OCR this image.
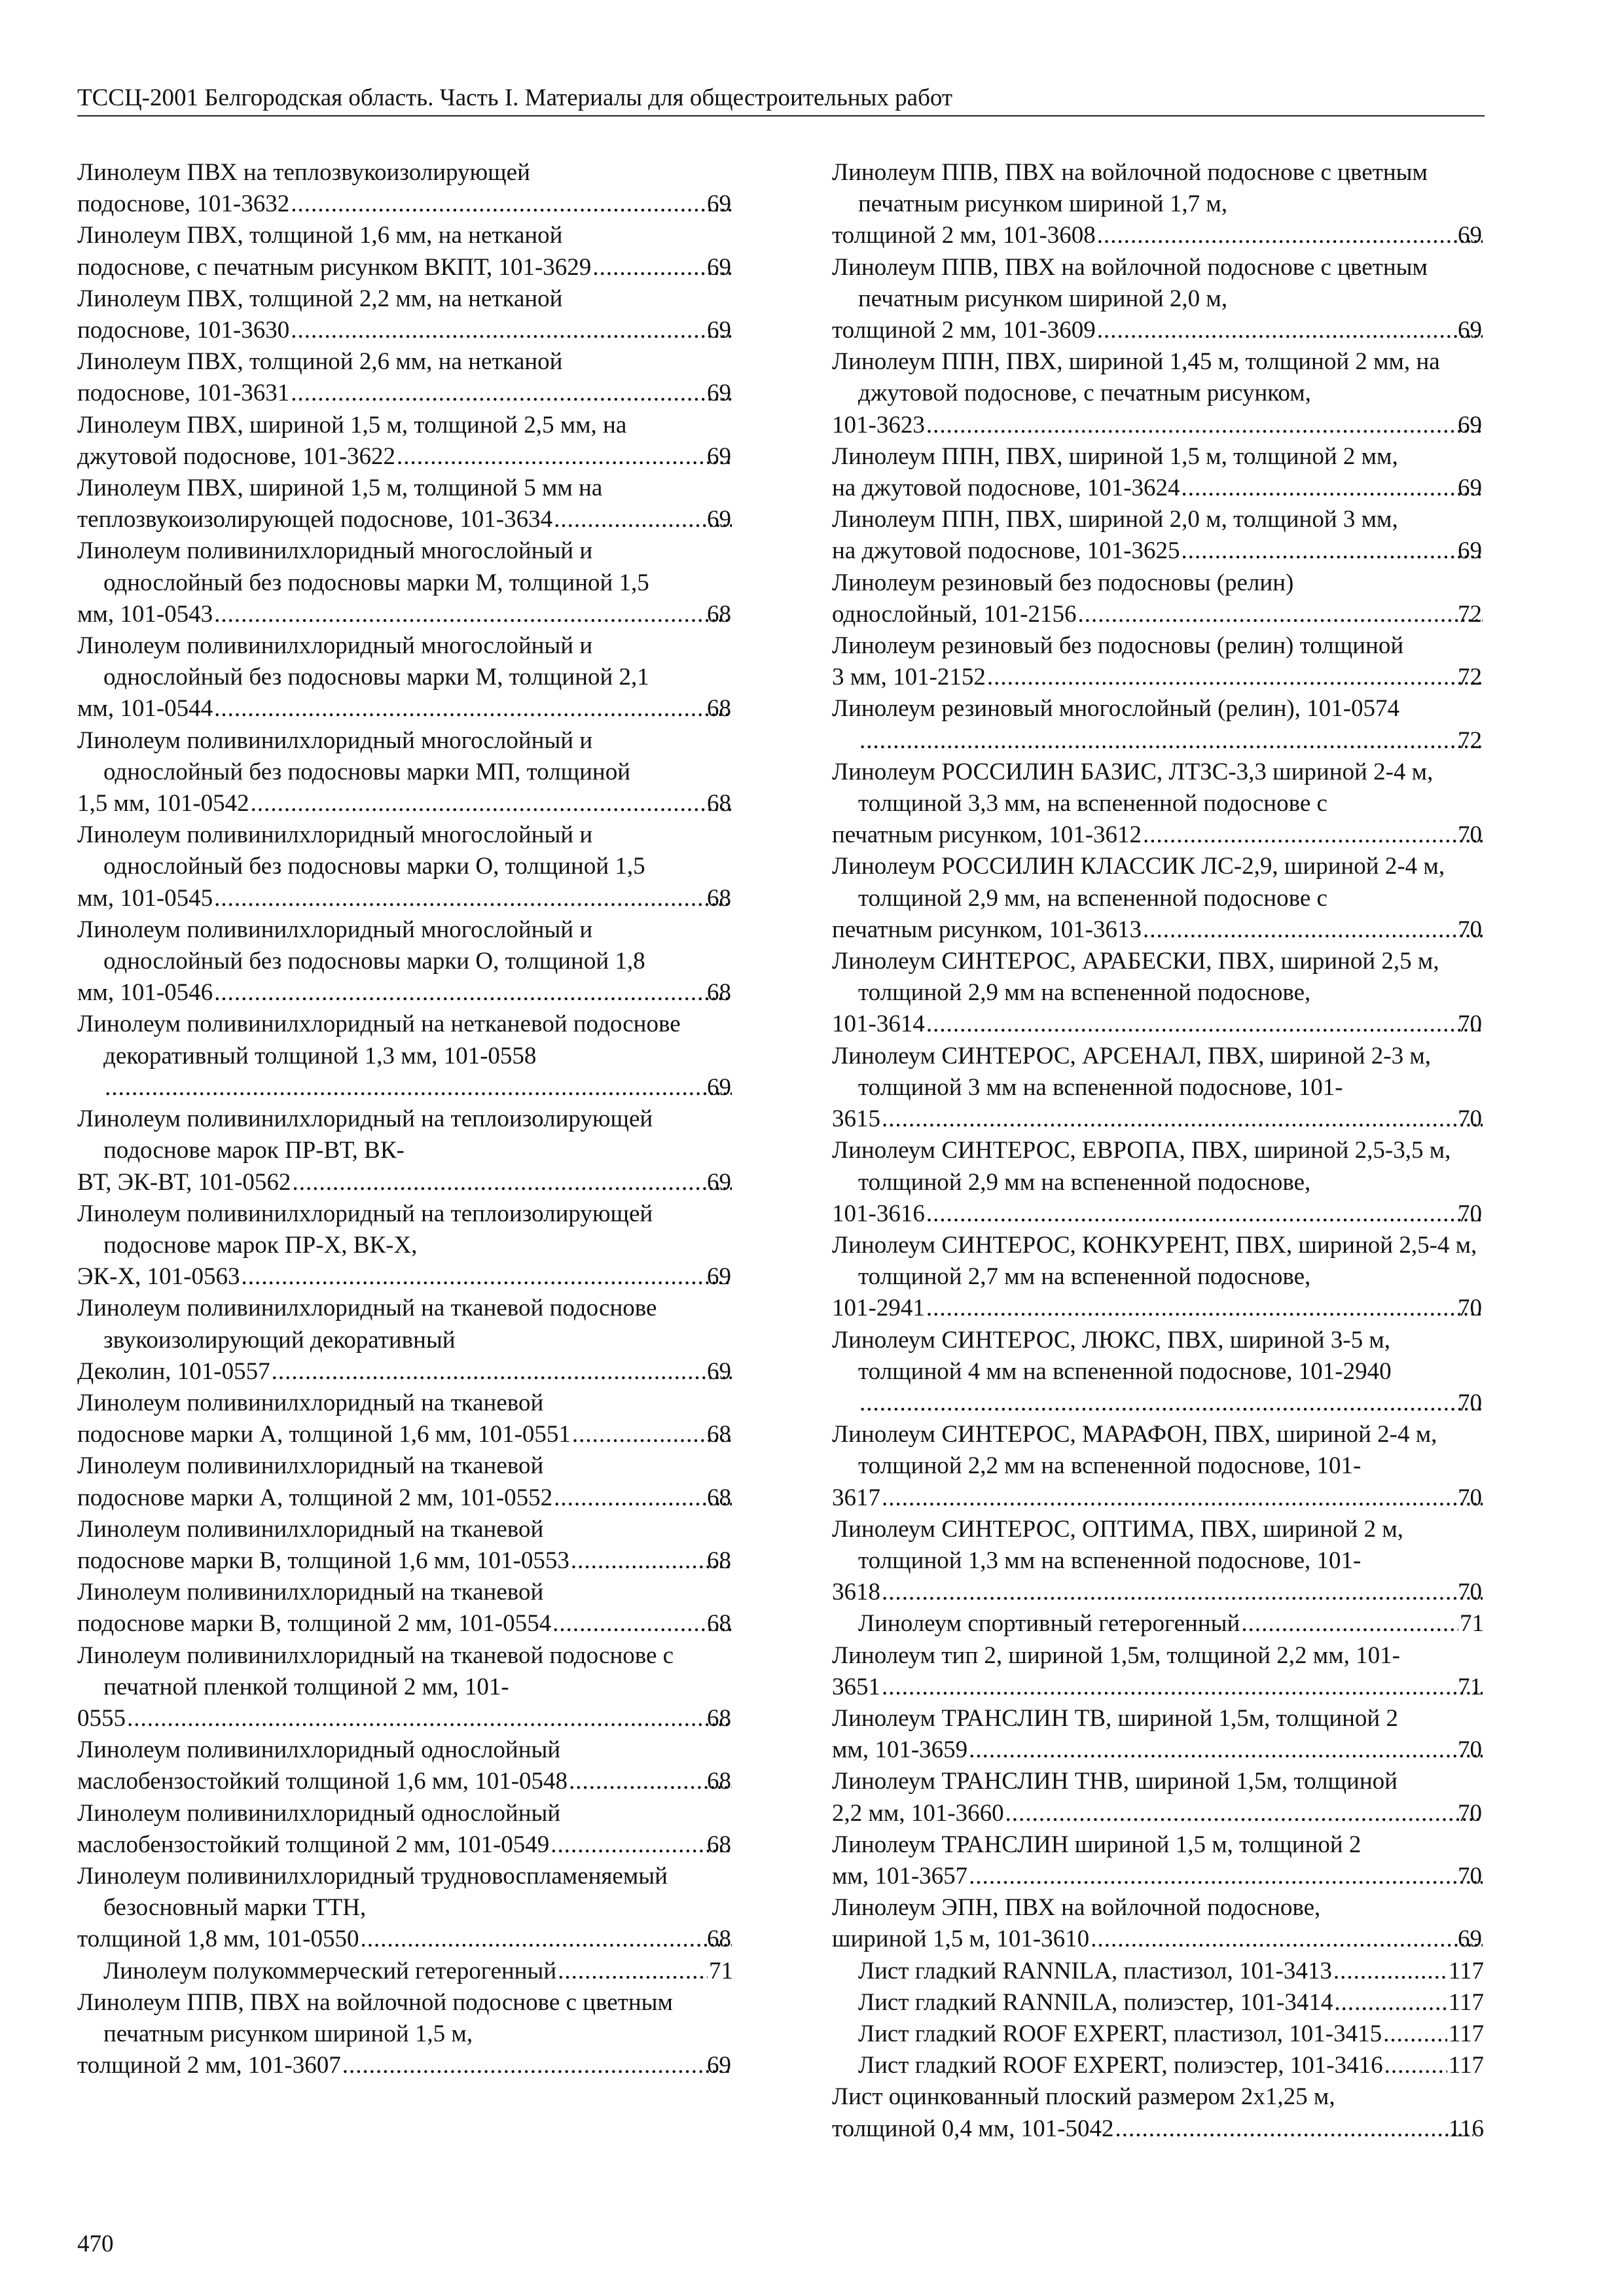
ТССЦ-2001 Белгородская область. Часть I. Материалы для общестроительных работ
Линолеум ПВХ на теплозвукоизолирующей
подоснове, 101-3632 .....	69
Линолеум ПВХ, толщиной 1,6 мм, на нетканой
подоснове, с печатным рисунком ВКПТ, 101-3629 .....	69
Линолеум ПВХ, толщиной 2,2 мм, на нетканой
подоснове, 101-3630 .....	69
Линолеум ПВХ, толщиной 2,6 мм, на нетканой
подоснове, 101-3631 .....	69
Линолеум ПВХ, шириной 1,5 м, толщиной 2,5 мм, на
джутовой подоснове, 101-3622 .....	69
Линолеум ПВХ, шириной 1,5 м, толщиной 5 мм на
теплозвукоизолирующей подоснове, 101-3634 .....	69
Линолеум поливинилхлоридный многослойный и однослойный без подосновы марки М, толщиной 1,5
мм, 101-0543 .....	68
Линолеум поливинилхлоридный многослойный и однослойный без подосновы марки М, толщиной 2,1
мм, 101-0544 .....	68
Линолеум поливинилхлоридный многослойный и однослойный без подосновы марки МП, толщиной
1,5 мм, 101-0542 .....	68
Линолеум поливинилхлоридный многослойный и однослойный без подосновы марки О, толщиной 1,5
мм, 101-0545 .....	68
Линолеум поливинилхлоридный многослойный и однослойный без подосновы марки О, толщиной 1,8
мм, 101-0546 .....	68
Линолеум поливинилхлоридный на нетканевой подоснове декоративный толщиной 1,3 мм, 101-0558
.....
69
Линолеум поливинилхлоридный на теплоизолирующей подоснове марок ПР-ВТ, ВК-
ВТ, ЭК-ВТ, 101-0562 .....	69
Линолеум поливинилхлоридный на теплоизолирующей подоснове марок ПР-Х, ВК-Х,
ЭК-Х, 101-0563 .....	69
Линолеум поливинилхлоридный на тканевой подоснове звукоизолирующий декоративный
Деколин, 101-0557 .....	69
Линолеум поливинилхлоридный на тканевой
подоснове марки А, толщиной 1,6 мм, 101-0551 .....	68
Линолеум поливинилхлоридный на тканевой
подоснове марки А, толщиной 2 мм, 101-0552 .....	68
Линолеум поливинилхлоридный на тканевой
подоснове марки В, толщиной 1,6 мм, 101-0553 .....	68
Линолеум поливинилхлоридный на тканевой
подоснове марки В, толщиной 2 мм, 101-0554 .....	68
Линолеум поливинилхлоридный на тканевой подоснове с печатной пленкой толщиной 2 мм, 101-
0555 .....	68
Линолеум поливинилхлоридный однослойный
маслобензостойкий толщиной 1,6 мм, 101-0548 .....	68
Линолеум поливинилхлоридный однослойный
маслобензостойкий толщиной 2 мм, 101-0549 .....	68
Линолеум поливинилхлоридный трудновоспламеняемый безосновный марки ТТН,
толщиной 1,8 мм, 101-0550 .....	68
Линолеум полукоммерческий гетерогенный .....	71
Линолеум ППВ, ПВХ на войлочной подоснове с цветным печатным рисунком шириной 1,5 м,
толщиной 2 мм, 101-3607 .....	69
Линолеум ППВ, ПВХ на войлочной подоснове с цветным печатным рисунком шириной 1,7 м,
толщиной 2 мм, 101-3608 .....	69
Линолеум ППВ, ПВХ на войлочной подоснове с цветным печатным рисунком шириной 2,0 м,
толщиной 2 мм, 101-3609 .....	69
Линолеум ППН, ПВХ, шириной 1,45 м, толщиной 2 мм, на джутовой подоснове, с печатным рисунком,
101-3623 .....	69
Линолеум ППН, ПВХ, шириной 1,5 м, толщиной 2 мм,
на джутовой подоснове, 101-3624 .....	69
Линолеум ППН, ПВХ, шириной 2,0 м, толщиной 3 мм,
на джутовой подоснове, 101-3625 .....	69
Линолеум резиновый без подосновы (релин)
однослойный, 101-2156 .....	72
Линолеум резиновый без подосновы (релин) толщиной
3 мм, 101-2152 .....	72
Линолеум резиновый многослойный (релин), 101-0574
.....
72
Линолеум РОССИЛИН БАЗИС, ЛТЗС-3,3 шириной 2-4 м, толщиной 3,3 мм, на вспененной подоснове с
печатным рисунком, 101-3612 .....	70
Линолеум РОССИЛИН КЛАССИК ЛС-2,9, шириной 2-4 м, толщиной 2,9 мм, на вспененной подоснове с
печатным рисунком, 101-3613 .....	70
Линолеум СИНТЕРОС, АРАБЕСКИ, ПВХ, шириной 2,5 м, толщиной 2,9 мм на вспененной подоснове,
101-3614 .....	70
Линолеум СИНТЕРОС, АРСЕНАЛ, ПВХ, шириной 2-3 м, толщиной 3 мм на вспененной подоснове, 101-
3615 .....	70
Линолеум СИНТЕРОС, ЕВРОПА, ПВХ, шириной 2,5-3,5 м, толщиной 2,9 мм на вспененной подоснове,
101-3616 .....	70
Линолеум СИНТЕРОС, КОНКУРЕНТ, ПВХ, шириной 2,5-4 м, толщиной 2,7 мм на вспененной подоснове,
101-2941 .....	70
Линолеум СИНТЕРОС, ЛЮКС, ПВХ, шириной 3-5 м, толщиной 4 мм на вспененной подоснове, 101-2940
.....
70
Линолеум СИНТЕРОС, МАРАФОН, ПВХ, шириной 2-4 м, толщиной 2,2 мм на вспененной подоснове, 101-
3617 .....	70
Линолеум СИНТЕРОС, ОПТИМА, ПВХ, шириной 2 м, толщиной 1,3 мм на вспененной подоснове, 101-
3618 .....	70
Линолеум спортивный гетерогенный .....	71
Линолеум тип 2, шириной 1,5м, толщиной 2,2 мм, 101-
3651 .....	71
Линолеум ТРАНСЛИН ТВ, шириной 1,5м, толщиной 2
мм, 101-3659 .....	70
Линолеум ТРАНСЛИН ТНВ, шириной 1,5м, толщиной
2,2 мм, 101-3660 .....	70
Линолеум ТРАНСЛИН шириной 1,5 м, толщиной 2
мм, 101-3657 .....	70
Линолеум ЭПН, ПВХ на войлочной подоснове,
шириной 1,5 м, 101-3610 .....	69
Лист гладкий RANNILA, пластизол, 101-3413 .....	117
Лист гладкий RANNILA, полиэстер, 101-3414 .....	117
Лист гладкий ROOF EXPERT, пластизол, 101-3415 .....	117
Лист гладкий ROOF EXPERT, полиэстер, 101-3416 .....	117
Лист оцинкованный плоский размером 2х1,25 м,
толщиной 0,4 мм, 101-5042 .....	116
470
